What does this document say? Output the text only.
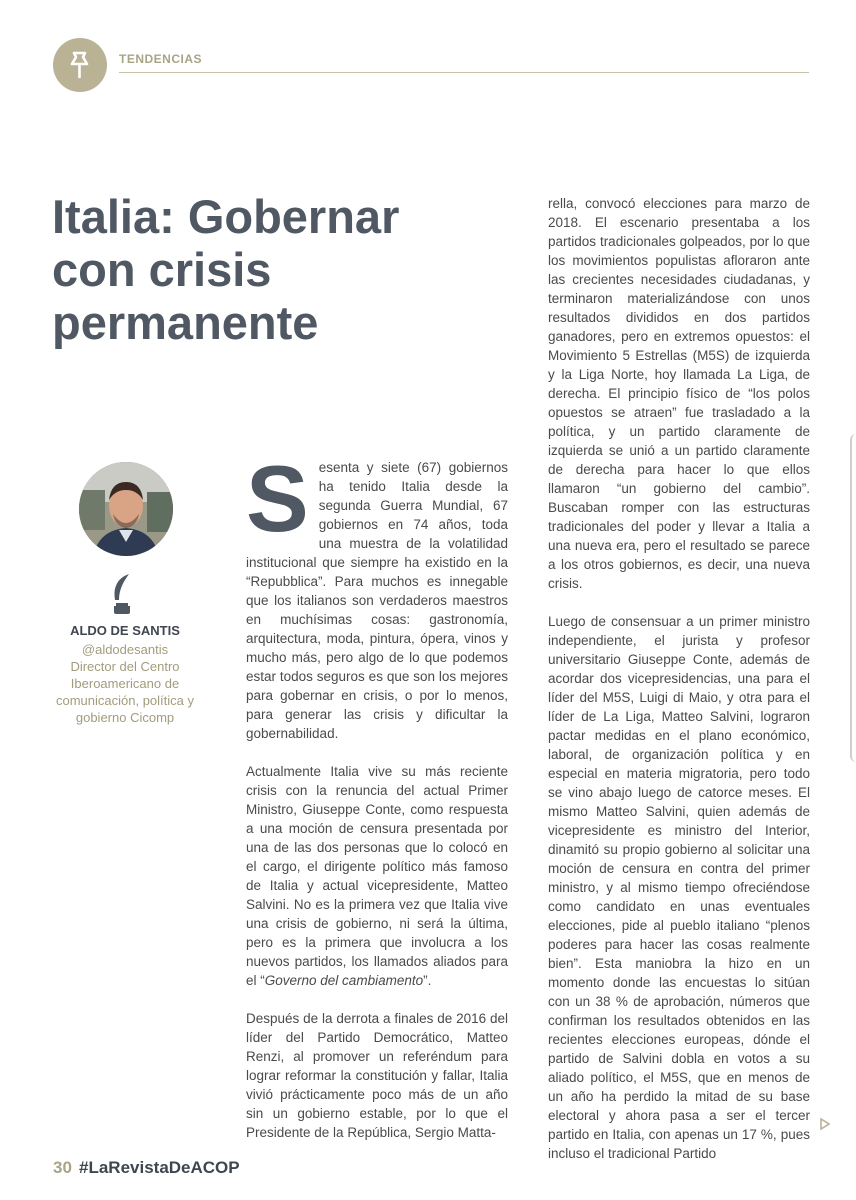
TENDENCIAS
Italia: Gobernar con crisis permanente
ALDO DE SANTIS
@aldodesantis
Director del Centro Iberoamericano de comunicación, política y gobierno Cicomp

Sesenta y siete (67) gobiernos ha tenido Italia desde la segunda Guerra Mundial, 67 gobiernos en 74 años, toda una muestra de la volatilidad institucional que siempre ha existido en la “Repubblica”. Para muchos es innegable que los italianos son verdaderos maestros en muchísimas cosas: gastronomía, arquitectura, moda, pintura, ópera, vinos y mucho más, pero algo de lo que podemos estar todos seguros es que son los mejores para gobernar en crisis, o por lo menos, para generar las crisis y dificultar la gobernabilidad.

Actualmente Italia vive su más reciente crisis con la renuncia del actual Primer Ministro, Giuseppe Conte, como respuesta a una moción de censura presentada por una de las dos personas que lo colocó en el cargo, el dirigente político más famoso de Italia y actual vicepresidente, Matteo Salvini. No es la primera vez que Italia vive una crisis de gobierno, ni será la última, pero es la primera que involucra a los nuevos partidos, los llamados aliados para el “Governo del cambiamento”.

Después de la derrota a finales de 2016 del líder del Partido Democrático, Matteo Renzi, al promover un referéndum para lograr reformar la constitución y fallar, Italia vivió prácticamente poco más de un año sin un gobierno estable, por lo que el Presidente de la República, Sergio Matta-

rella, convocó elecciones para marzo de 2018. El escenario presentaba a los partidos tradicionales golpeados, por lo que los movimientos populistas afloraron ante las crecientes necesidades ciudadanas, y terminaron materializándose con unos resultados divididos en dos partidos ganadores, pero en extremos opuestos: el Movimiento 5 Estrellas (M5S) de izquierda y la Liga Norte, hoy llamada La Liga, de derecha. El principio físico de “los polos opuestos se atraen” fue trasladado a la política, y un partido claramente de izquierda se unió a un partido claramente de derecha para hacer lo que ellos llamaron “un gobierno del cambio”. Buscaban romper con las estructuras tradicionales del poder y llevar a Italia a una nueva era, pero el resultado se parece a los otros gobiernos, es decir, una nueva crisis.

Luego de consensuar a un primer ministro independiente, el jurista y profesor universitario Giuseppe Conte, además de acordar dos vicepresidencias, una para el líder del M5S, Luigi di Maio, y otra para el líder de La Liga, Matteo Salvini, lograron pactar medidas en el plano económico, laboral, de organización política y en especial en materia migratoria, pero todo se vino abajo luego de catorce meses. El mismo Matteo Salvini, quien además de vicepresidente es ministro del Interior, dinamitó su propio gobierno al solicitar una moción de censura en contra del primer ministro, y al mismo tiempo ofreciéndose como candidato en unas eventuales elecciones, pide al pueblo italiano “plenos poderes para hacer las cosas realmente bien”. Esta maniobra la hizo en un momento donde las encuestas lo sitúan con un 38 % de aprobación, números que confirman los resultados obtenidos en las recientes elecciones europeas, dónde el partido de Salvini dobla en votos a su aliado político, el M5S, que en menos de un año ha perdido la mitad de su base electoral y ahora pasa a ser el tercer partido en Italia, con apenas un 17 %, pues incluso el tradicional Partido

30 #LaRevistaDeACOP
